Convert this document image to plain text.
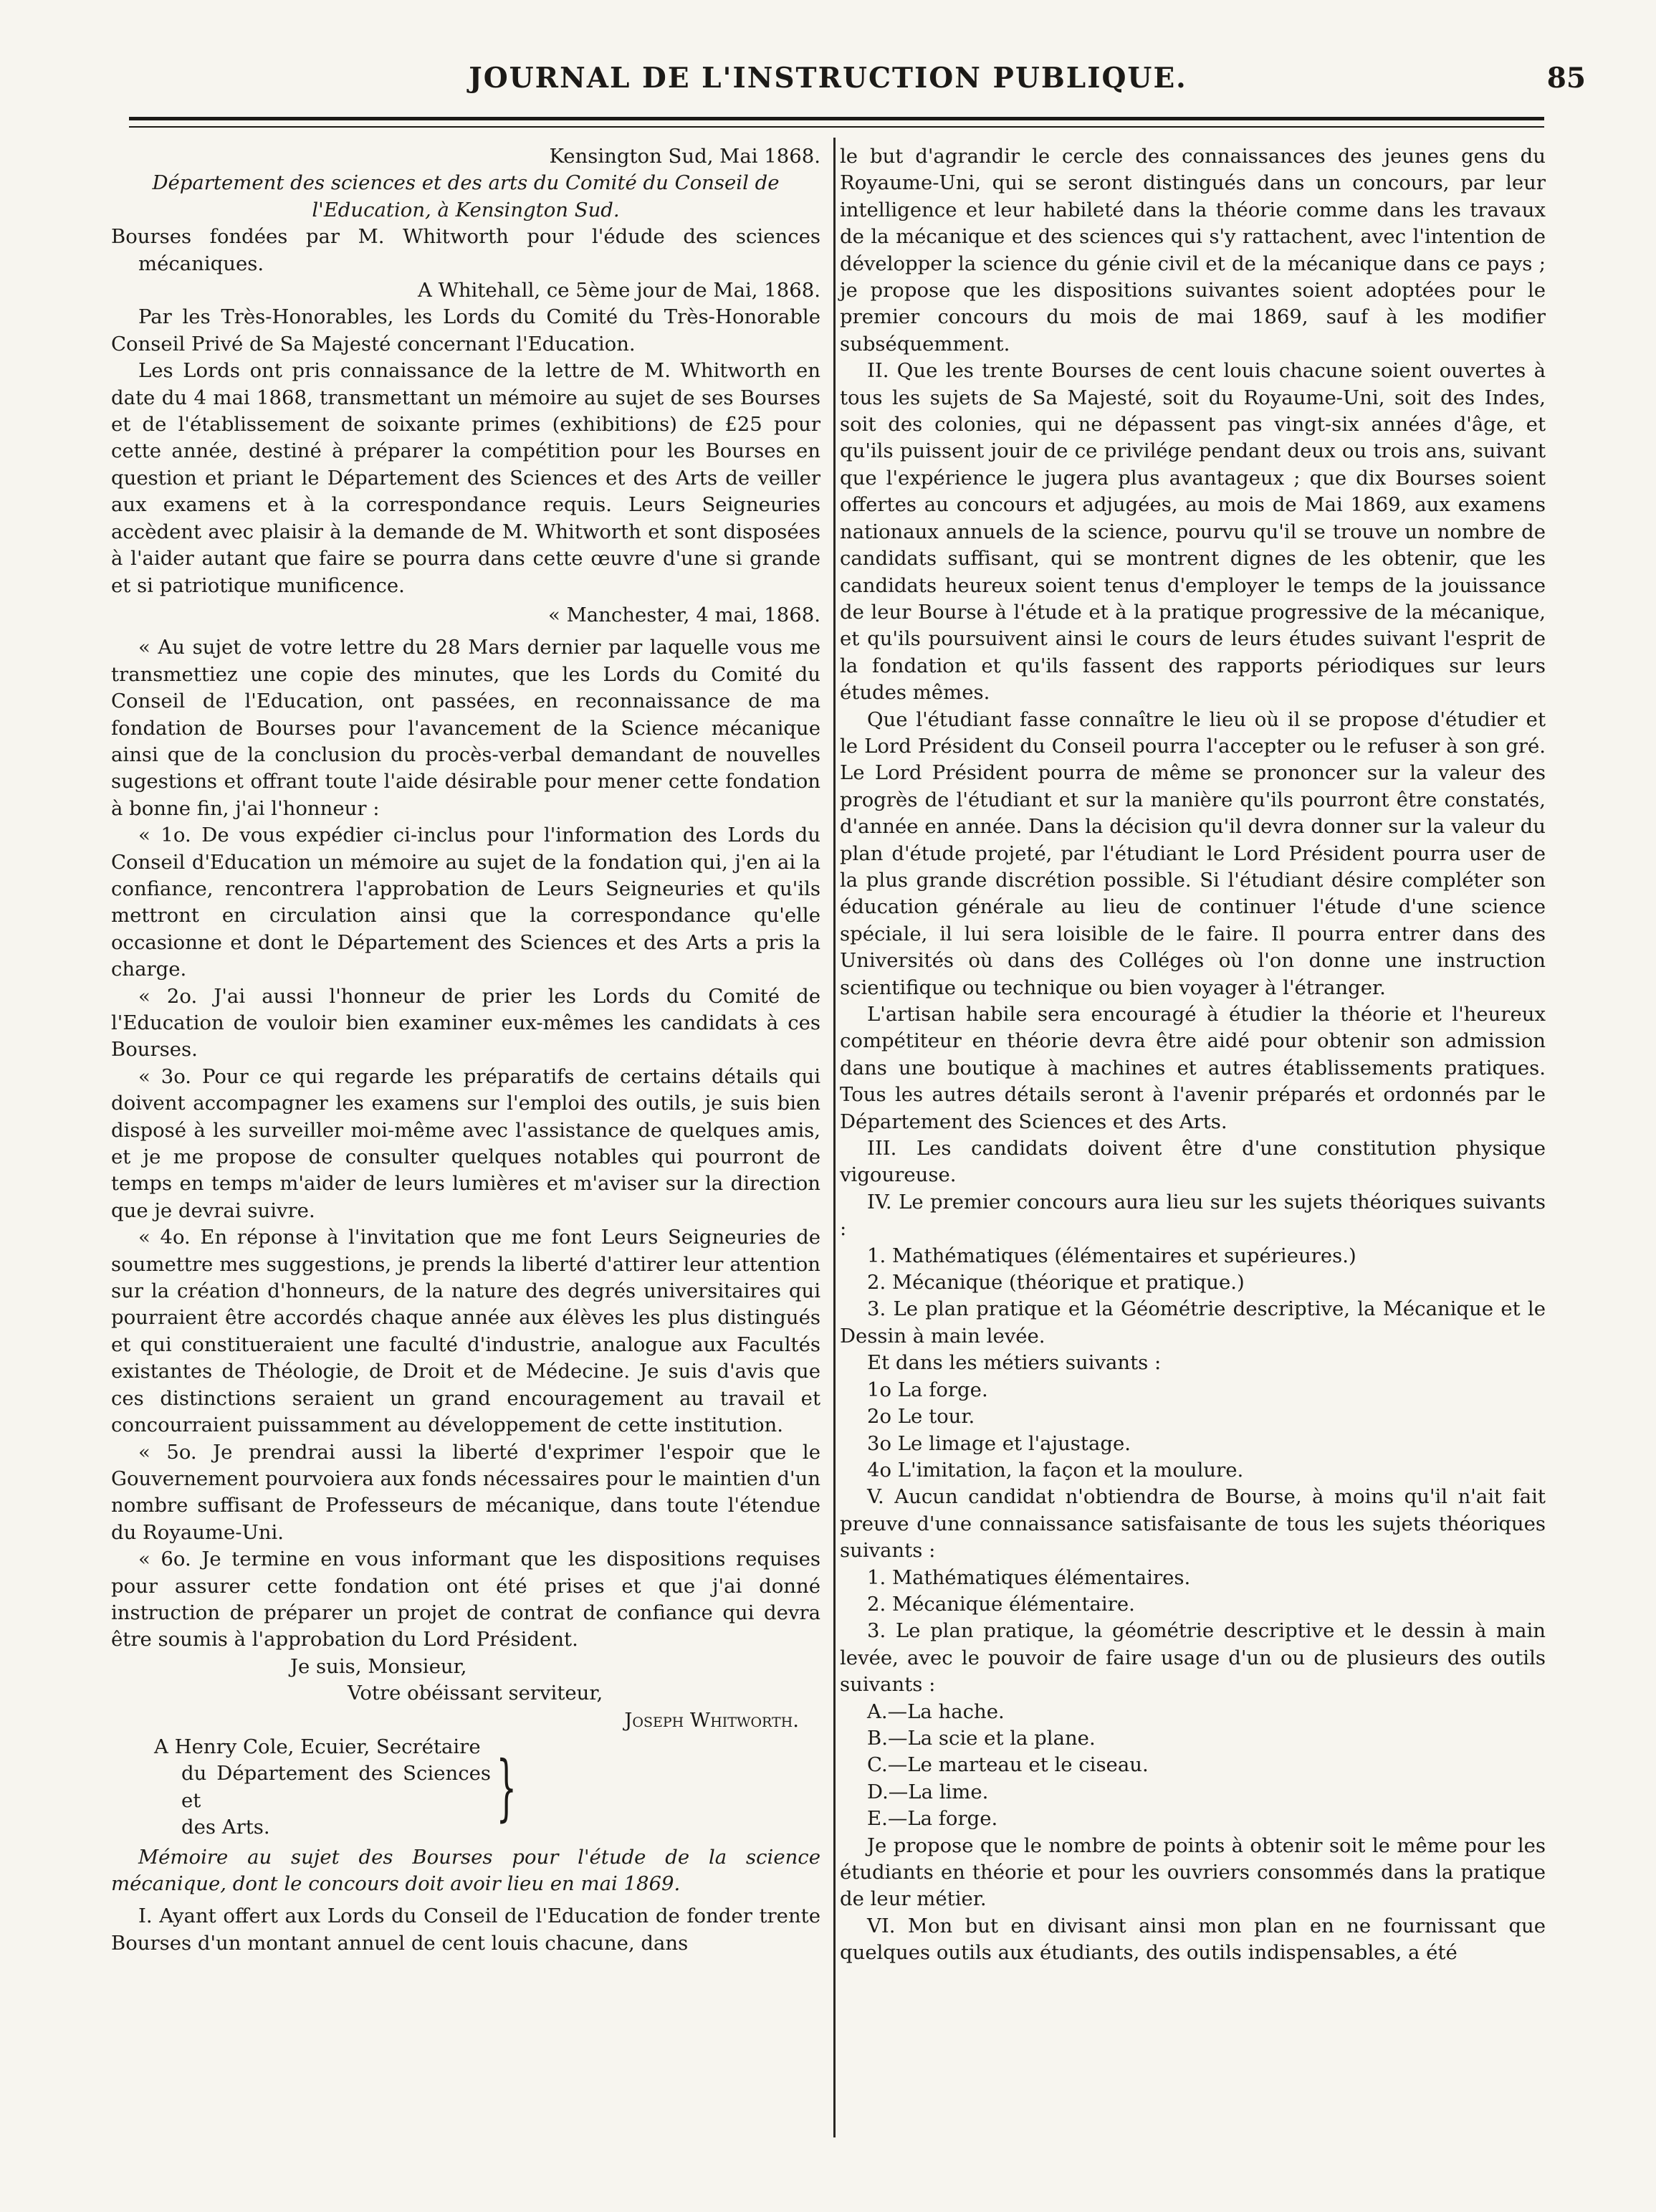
JOURNAL DE L'INSTRUCTION PUBLIQUE.	85

Kensington Sud, Mai 1868.

Département des sciences et des arts du Comité du Conseil de l'Education, à Kensington Sud.

Bourses fondées par M. Whitworth pour l'édude des sciences mécaniques.

A Whitehall, ce 5ème jour de Mai, 1868.

Par les Très-Honorables, les Lords du Comité du Très-Honorable Conseil Privé de Sa Majesté concernant l'Education.

Les Lords ont pris connaissance de la lettre de M. Whitworth en date du 4 mai 1868, transmettant un mémoire au sujet de ses Bourses et de l'établissement de soixante primes (exhibitions) de £25 pour cette année, destiné à préparer la compétition pour les Bourses en question et priant le Département des Sciences et des Arts de veiller aux examens et à la correspondance requis. Leurs Seigneuries accèdent avec plaisir à la demande de M. Whitworth et sont disposées à l'aider autant que faire se pourra dans cette œuvre d'une si grande et si patriotique munificence.

« Manchester, 4 mai, 1868.

« Au sujet de votre lettre du 28 Mars dernier par laquelle vous me transmettiez une copie des minutes, que les Lords du Comité du Conseil de l'Education, ont passées, en reconnaissance de ma fondation de Bourses pour l'avancement de la Science mécanique ainsi que de la conclusion du procès-verbal demandant de nouvelles sugestions et offrant toute l'aide désirable pour mener cette fondation à bonne fin, j'ai l'honneur :

« 1o. De vous expédier ci-inclus pour l'information des Lords du Conseil d'Education un mémoire au sujet de la fondation qui, j'en ai la confiance, rencontrera l'approbation de Leurs Seigneuries et qu'ils mettront en circulation ainsi que la correspondance qu'elle occasionne et dont le Département des Sciences et des Arts a pris la charge.

« 2o. J'ai aussi l'honneur de prier les Lords du Comité de l'Education de vouloir bien examiner eux-mêmes les candidats à ces Bourses.

« 3o. Pour ce qui regarde les préparatifs de certains détails qui doivent accompagner les examens sur l'emploi des outils, je suis bien disposé à les surveiller moi-même avec l'assistance de quelques amis, et je me propose de consulter quelques notables qui pourront de temps en temps m'aider de leurs lumières et m'aviser sur la direction que je devrai suivre.

« 4o. En réponse à l'invitation que me font Leurs Seigneuries de soumettre mes suggestions, je prends la liberté d'attirer leur attention sur la création d'honneurs, de la nature des degrés universitaires qui pourraient être accordés chaque année aux élèves les plus distingués et qui constitueraient une faculté d'industrie, analogue aux Facultés existantes de Théologie, de Droit et de Médecine. Je suis d'avis que ces distinctions seraient un grand encouragement au travail et concourraient puissamment au développement de cette institution.

« 5o. Je prendrai aussi la liberté d'exprimer l'espoir que le Gouvernement pourvoiera aux fonds nécessaires pour le maintien d'un nombre suffisant de Professeurs de mécanique, dans toute l'étendue du Royaume-Uni.

« 6o. Je termine en vous informant que les dispositions requises pour assurer cette fondation ont été prises et que j'ai donné instruction de préparer un projet de contrat de confiance qui devra être soumis à l'approbation du Lord Président.

Je suis, Monsieur,

Votre obéissant serviteur,

Joseph Whitworth.

A Henry Cole, Ecuier, Secrétaire
du Département des Sciences et
des Arts.	}

Mémoire au sujet des Bourses pour l'étude de la science mécanique, dont le concours doit avoir lieu en mai 1869.

I. Ayant offert aux Lords du Conseil de l'Education de fonder trente Bourses d'un montant annuel de cent louis chacune, dans

le but d'agrandir le cercle des connaissances des jeunes gens du Royaume-Uni, qui se seront distingués dans un concours, par leur intelligence et leur habileté dans la théorie comme dans les travaux de la mécanique et des sciences qui s'y rattachent, avec l'intention de développer la science du génie civil et de la mécanique dans ce pays ; je propose que les dispositions suivantes soient adoptées pour le premier concours du mois de mai 1869, sauf à les modifier subséquemment.

II. Que les trente Bourses de cent louis chacune soient ouvertes à tous les sujets de Sa Majesté, soit du Royaume-Uni, soit des Indes, soit des colonies, qui ne dépassent pas vingt-six années d'âge, et qu'ils puissent jouir de ce privilége pendant deux ou trois ans, suivant que l'expérience le jugera plus avantageux ; que dix Bourses soient offertes au concours et adjugées, au mois de Mai 1869, aux examens nationaux annuels de la science, pourvu qu'il se trouve un nombre de candidats suffisant, qui se montrent dignes de les obtenir, que les candidats heureux soient tenus d'employer le temps de la jouissance de leur Bourse à l'étude et à la pratique progressive de la mécanique, et qu'ils poursuivent ainsi le cours de leurs études suivant l'esprit de la fondation et qu'ils fassent des rapports périodiques sur leurs études mêmes.

Que l'étudiant fasse connaître le lieu où il se propose d'étudier et le Lord Président du Conseil pourra l'accepter ou le refuser à son gré. Le Lord Président pourra de même se prononcer sur la valeur des progrès de l'étudiant et sur la manière qu'ils pourront être constatés, d'année en année. Dans la décision qu'il devra donner sur la valeur du plan d'étude projeté, par l'étudiant le Lord Président pourra user de la plus grande discrétion possible. Si l'étudiant désire compléter son éducation générale au lieu de continuer l'étude d'une science spéciale, il lui sera loisible de le faire. Il pourra entrer dans des Universités où dans des Colléges où l'on donne une instruction scientifique ou technique ou bien voyager à l'étranger.

L'artisan habile sera encouragé à étudier la théorie et l'heureux compétiteur en théorie devra être aidé pour obtenir son admission dans une boutique à machines et autres établissements pratiques. Tous les autres détails seront à l'avenir préparés et ordonnés par le Département des Sciences et des Arts.

III. Les candidats doivent être d'une constitution physique vigoureuse.

IV. Le premier concours aura lieu sur les sujets théoriques suivants :

1. Mathématiques (élémentaires et supérieures.)

2. Mécanique (théorique et pratique.)

3. Le plan pratique et la Géométrie descriptive, la Mécanique et le Dessin à main levée.

Et dans les métiers suivants :

1o La forge.

2o Le tour.

3o Le limage et l'ajustage.

4o L'imitation, la façon et la moulure.

V. Aucun candidat n'obtiendra de Bourse, à moins qu'il n'ait fait preuve d'une connaissance satisfaisante de tous les sujets théoriques suivants :

1. Mathématiques élémentaires.

2. Mécanique élémentaire.

3. Le plan pratique, la géométrie descriptive et le dessin à main levée, avec le pouvoir de faire usage d'un ou de plusieurs des outils suivants :

A.—La hache.

B.—La scie et la plane.

C.—Le marteau et le ciseau.

D.—La lime.

E.—La forge.

Je propose que le nombre de points à obtenir soit le même pour les étudiants en théorie et pour les ouvriers consommés dans la pratique de leur métier.

VI. Mon but en divisant ainsi mon plan en ne fournissant que quelques outils aux étudiants, des outils indispensables, a été
